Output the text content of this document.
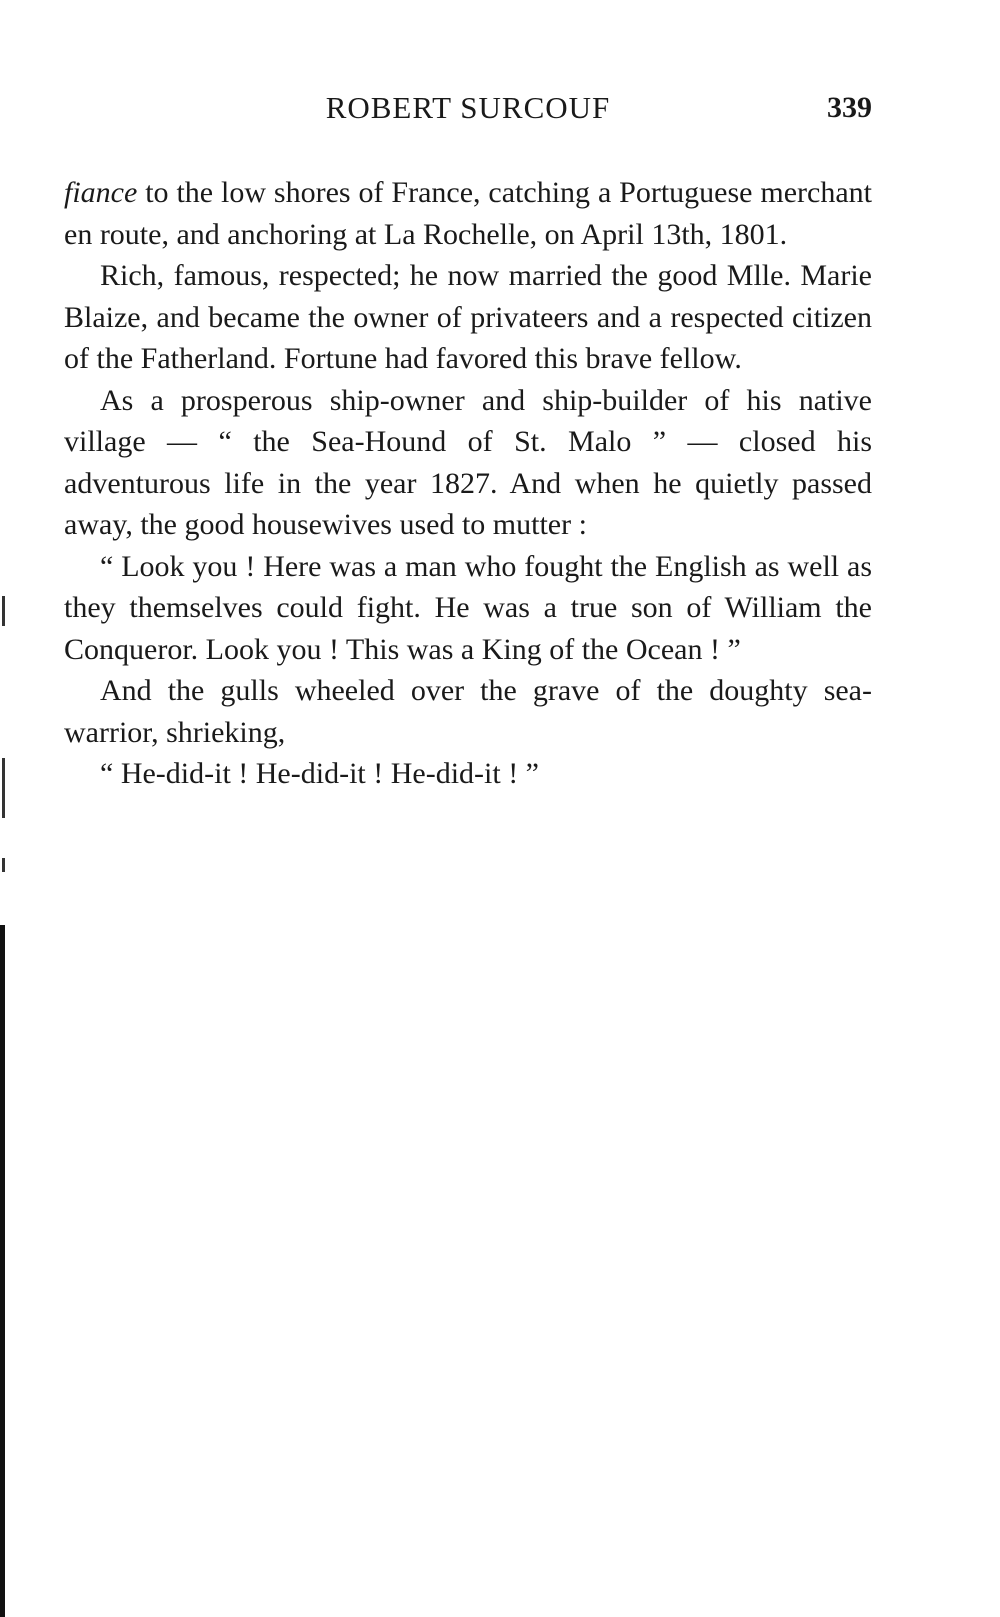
ROBERT SURCOUF	339

fiance to the low shores of France, catching a Portuguese merchant en route, and anchoring at La Rochelle, on April 13th, 1801.

Rich, famous, respected; he now married the good Mlle. Marie Blaize, and became the owner of privateers and a respected citizen of the Fatherland. Fortune had favored this brave fellow.

As a prosperous ship-owner and ship-builder of his native village — “ the Sea-Hound of St. Malo ” — closed his adventurous life in the year 1827. And when he quietly passed away, the good housewives used to mutter :

“ Look you ! Here was a man who fought the English as well as they themselves could fight. He was a true son of William the Conqueror. Look you ! This was a King of the Ocean ! ”

And the gulls wheeled over the grave of the doughty sea-warrior, shrieking,

“ He-did-it ! He-did-it ! He-did-it ! ”
